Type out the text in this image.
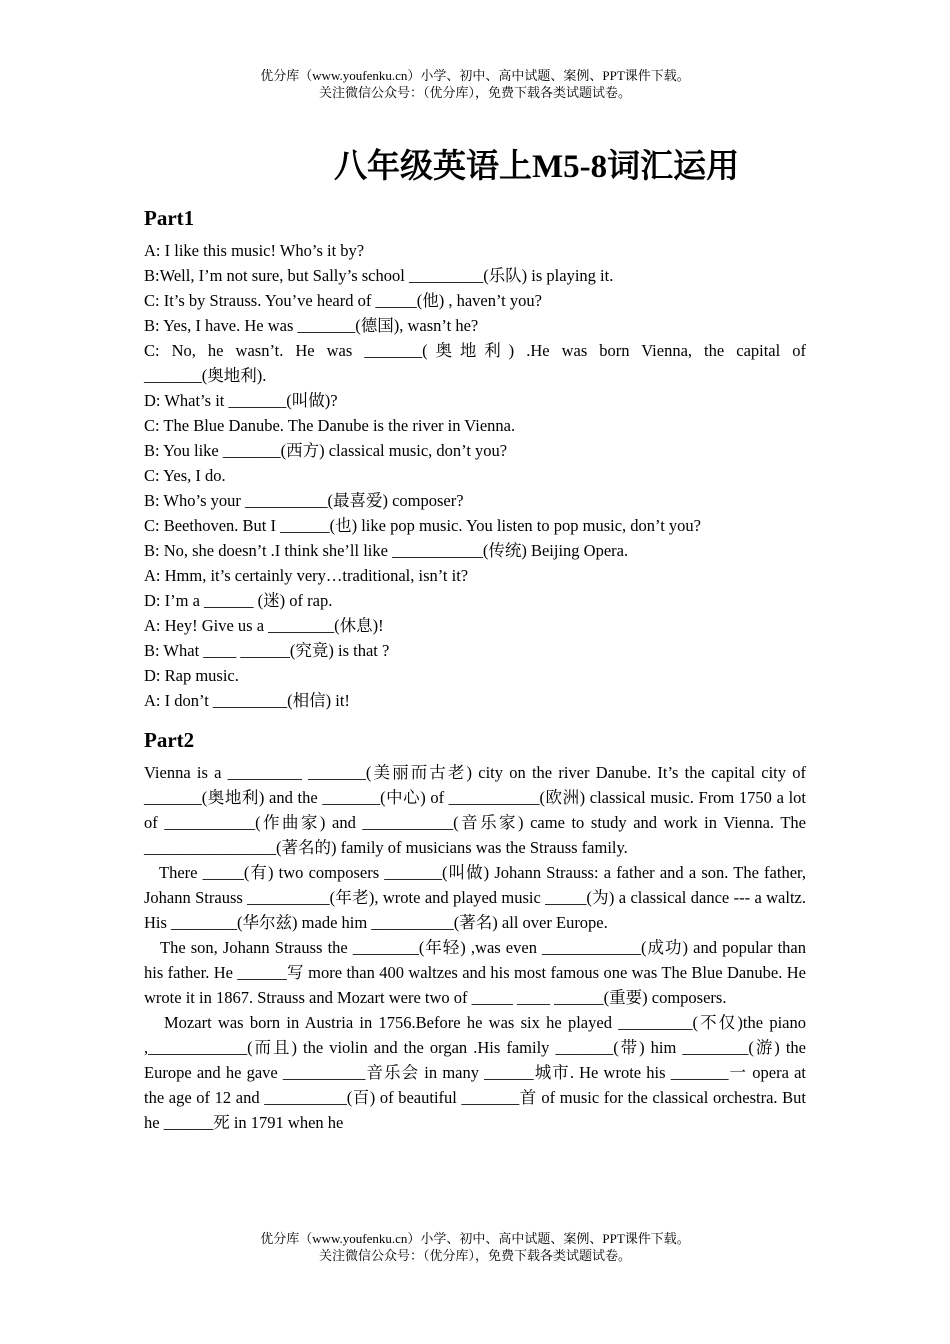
优分库（www.youfenku.cn）小学、初中、高中试题、案例、PPT课件下载。
关注微信公众号：（优分库），免费下载各类试题试卷。
八年级英语上M5-8词汇运用
Part1
A: I like this music! Who’s it by?
B:Well, I’m not sure, but Sally’s school _________(乐队) is playing it.
C: It’s by Strauss. You’ve heard of _____(他) , haven’t you?
B: Yes, I have. He was _______(德国), wasn’t he?
C: No, he wasn’t. He was _______(奥地利) .He was born Vienna, the capital of
_______(奥地利).
D: What’s it _______(叫做)?
C: The Blue Danube. The Danube is the river in Vienna.
B: You like _______(西方) classical music, don’t you?
C: Yes, I do.
B: Who’s your __________(最喜爱) composer?
C: Beethoven. But I ______(也) like pop music. You listen to pop music, don’t you?
B: No, she doesn’t .I think she’ll like ___________(传统) Beijing Opera.
A: Hmm, it’s certainly very…traditional, isn’t it?
D: I’m a ______ (迷) of rap.
A: Hey! Give us a ________(休息)!
B: What ____ ______(究竟) is that ?
D: Rap music.
A: I don’t _________(相信) it!
Part2
Vienna is a _________ _______(美丽而古老) city on the river Danube. It’s the capital city of _______(奥地利) and the _______(中心) of ___________(欧洲) classical music. From 1750 a lot of ___________(作曲家) and ___________(音乐家) came to study and work in Vienna. The ________________(著名的) family of musicians was the Strauss family.
There _____(有) two composers _______(叫做) Johann Strauss: a father and a son. The father, Johann Strauss __________(年老), wrote and played music _____(为) a classical dance --- a waltz. His ________(华尔兹) made him __________(著名) all over Europe.
The son, Johann Strauss the ________(年轻) ,was even ____________(成功) and popular than his father. He ______写 more than 400 waltzes and his most famous one was The Blue Danube. He wrote it in 1867. Strauss and Mozart were two of _____ ____ ______(重要) composers.
Mozart was born in Austria in 1756.Before he was six he played _________(不仅)the piano ,____________(而且) the violin and the organ .His family _______(带) him ________(游) the Europe and he gave __________音乐会 in many ______城市. He wrote his _______一 opera at the age of 12 and __________(百) of beautiful _______首 of music for the classical orchestra. But he ______死 in 1791 when he
优分库（www.youfenku.cn）小学、初中、高中试题、案例、PPT课件下载。
关注微信公众号：（优分库），免费下载各类试题试卷。
